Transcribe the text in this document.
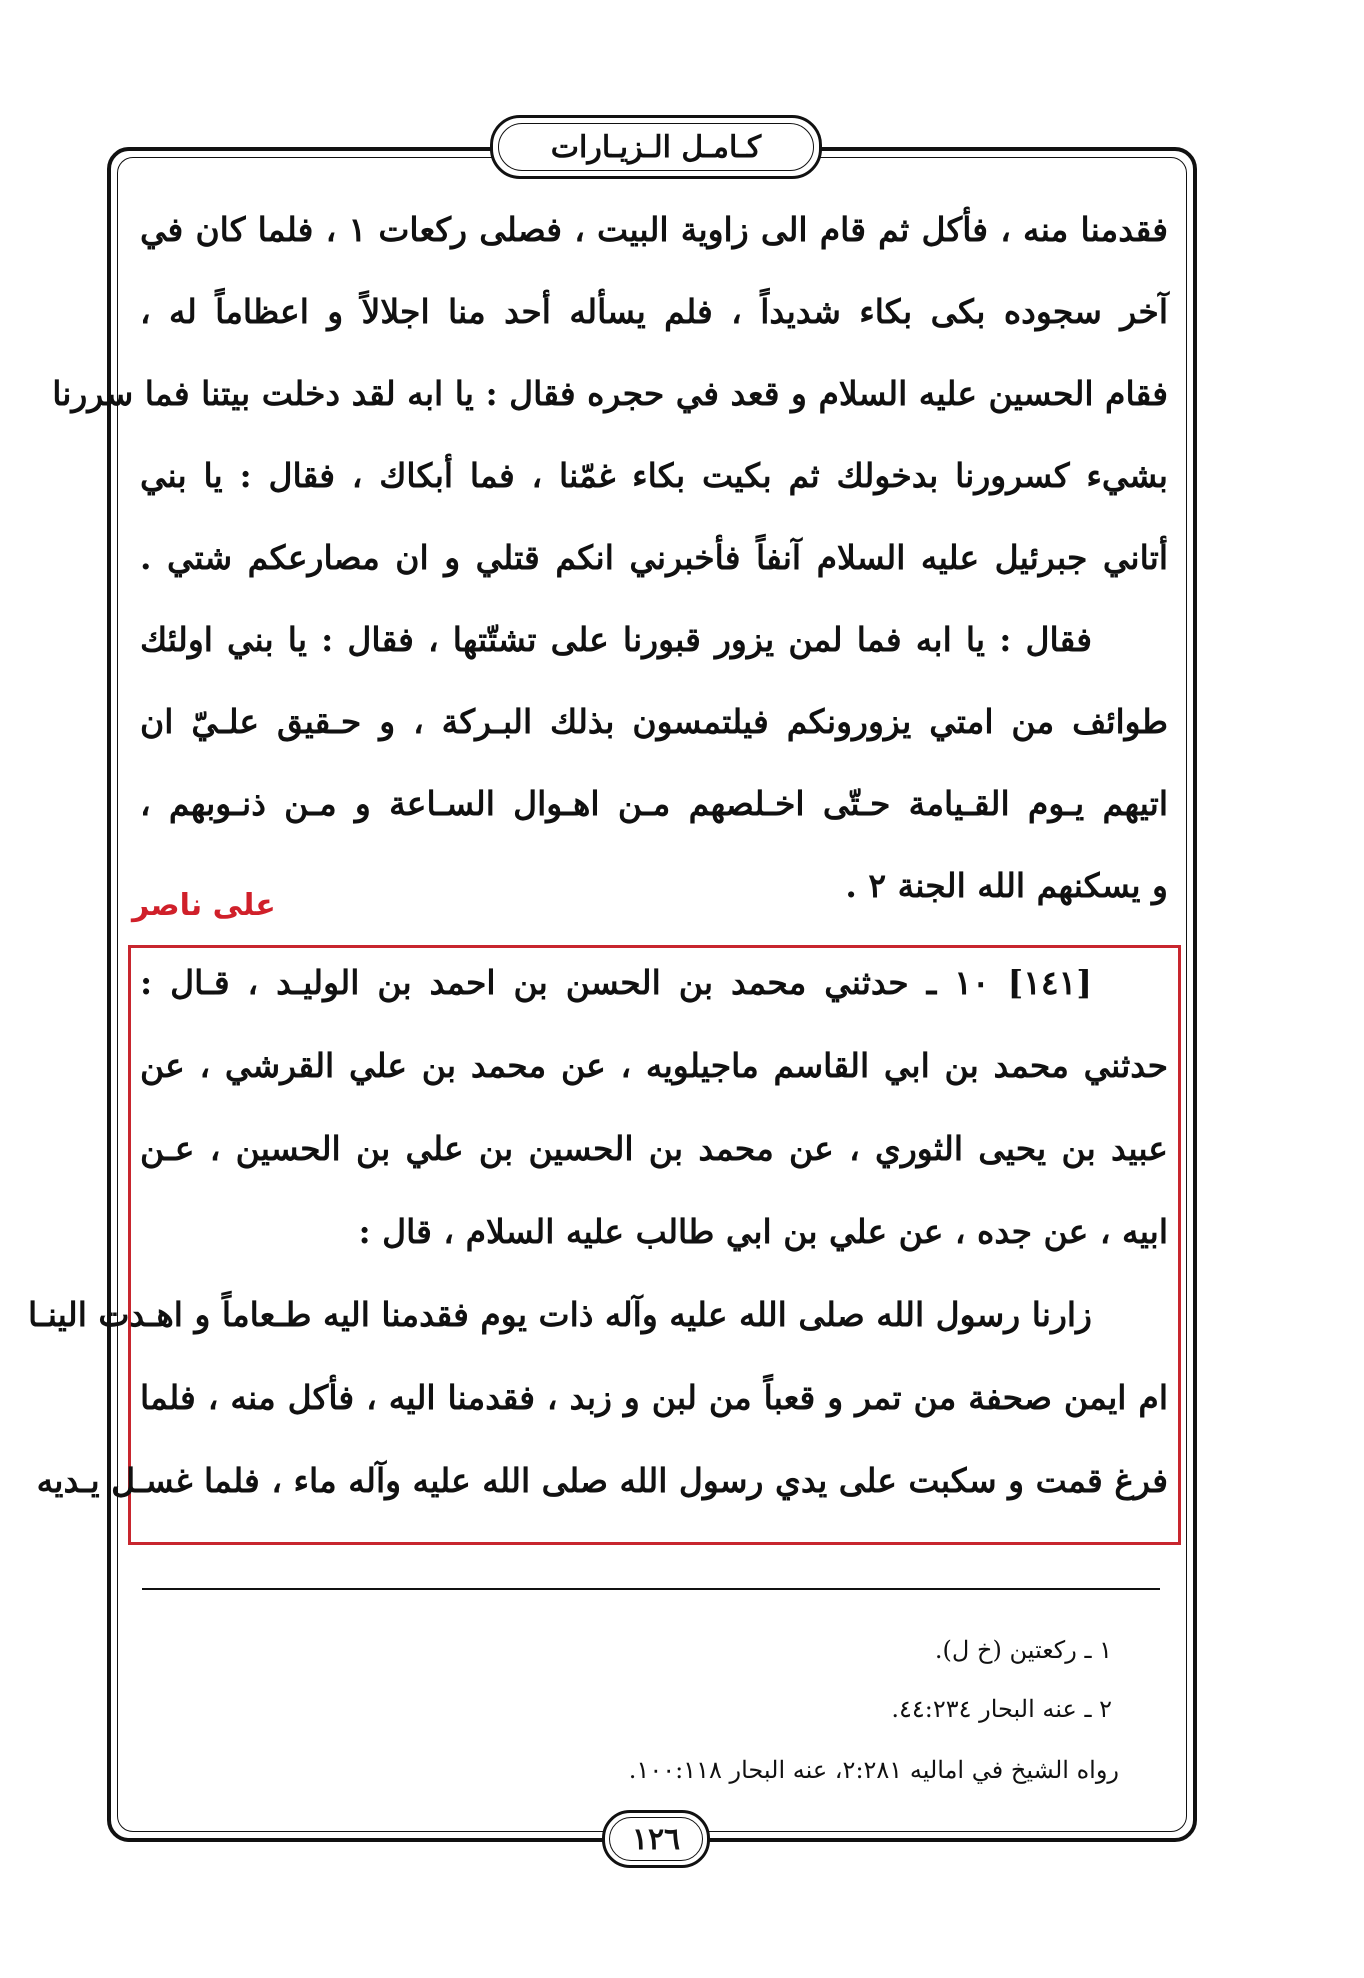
كـامـل الـزيـارات
فقدمنا منه ، فأكل ثم قام الى زاوية البيت ، فصلى ركعات ١ ، فلما كان في
آخر سجوده بكى بكاء شديداً ، فلم يسأله أحد منا اجلالاً و اعظاماً له ،
فقام الحسين عليه السلام و قعد في حجره فقال : يا ابه لقد دخلت بيتنا فما سررنا
بشيء كسرورنا بدخولك ثم بكيت بكاء غمّنا ، فما أبكاك ، فقال : يا بني
أتاني جبرئيل عليه السلام آنفاً فأخبرني انكم قتلي و ان مصارعكم شتي .
فقال : يا ابه فما لمن يزور قبورنا على تشتّتها ، فقال : يا بني اولئك
طوائف من امتي يزورونكم فيلتمسون بذلك البـركة ، و حـقيق علـيّ ان
اتيهم يـوم القـيامة حـتّى اخـلصهم مـن اهـوال السـاعة و مـن ذنـوبهم ،
و يسكنهم الله الجنة ٢ .
على ناصر
[١٤١] ١٠ ـ حدثني محمد بن الحسن بن احمد بن الوليـد ، قـال :
حدثني محمد بن ابي القاسم ماجيلويه ، عن محمد بن علي القرشي ، عن
عبيد بن يحيى الثوري ، عن محمد بن الحسين بن علي بن الحسين ، عـن
ابيه ، عن جده ، عن علي بن ابي طالب عليه السلام ، قال :
زارنا رسول الله صلى الله عليه وآله ذات يوم فقدمنا اليه طـعاماً و اهـدت الينـا
ام ايمن صحفة من تمر و قعباً من لبن و زبد ، فقدمنا اليه ، فأكل منه ، فلما
فرغ قمت و سكبت على يدي رسول الله صلى الله عليه وآله ماء ، فلما غسـل يـديه
١ ـ ركعتين (خ ل).
٢ ـ عنه البحار ٤٤:٢٣٤.
رواه الشيخ في اماليه ٢:٢٨١، عنه البحار ١٠٠:١١٨.
١٢٦
